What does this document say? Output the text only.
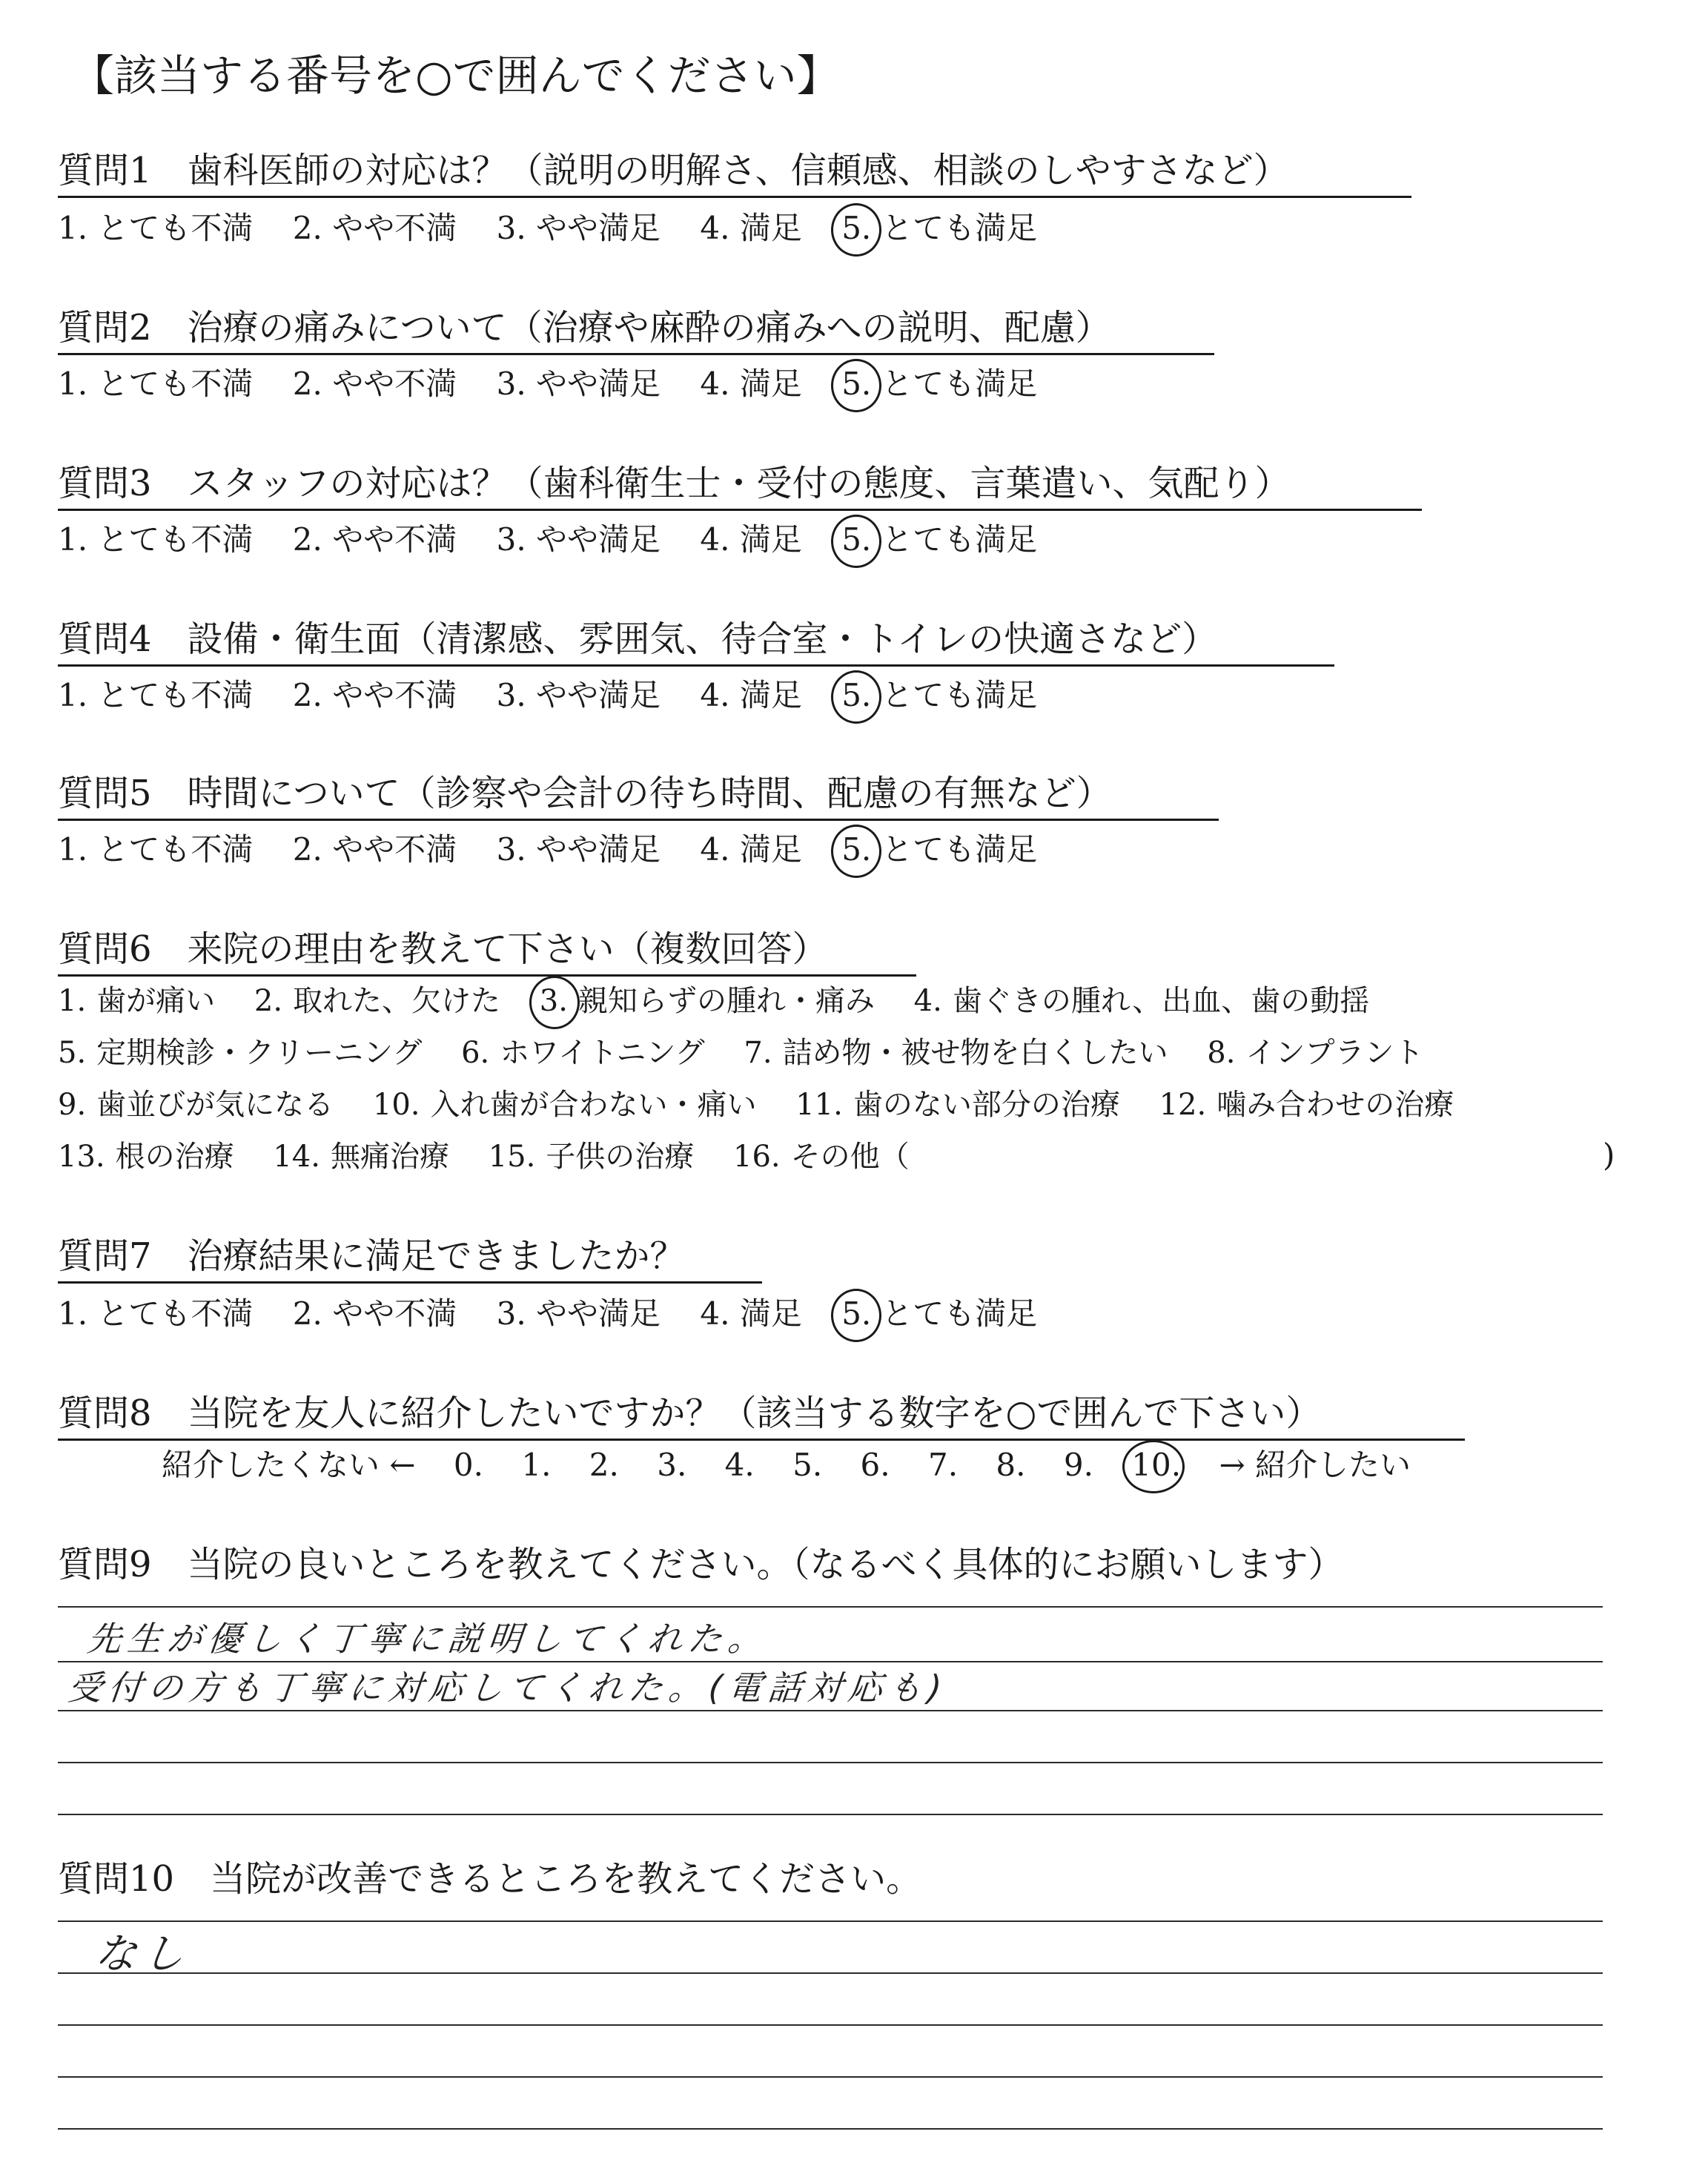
【該当する番号を○で囲んでください】
質問1　歯科医師の対応は？（説明の明解さ、信頼感、相談のしやすさなど）
1. とても不満 2. やや不満 3. やや満足 4. 満足 5. とても満足
質問2　治療の痛みについて（治療や麻酔の痛みへの説明、配慮）
1. とても不満 2. やや不満 3. やや満足 4. 満足 5. とても満足
質問3　スタッフの対応は？（歯科衛生士・受付の態度、言葉遣い、気配り）
1. とても不満 2. やや不満 3. やや満足 4. 満足 5. とても満足
質問4　設備・衛生面（清潔感、雰囲気、待合室・トイレの快適さなど）
1. とても不満 2. やや不満 3. やや満足 4. 満足 5. とても満足
質問5　時間について（診察や会計の待ち時間、配慮の有無など）
1. とても不満 2. やや不満 3. やや満足 4. 満足 5. とても満足
質問6　来院の理由を教えて下さい（複数回答）
1. 歯が痛い 2. 取れた、欠けた 3. 親知らずの腫れ・痛み 4. 歯ぐきの腫れ、出血、歯の動揺
5. 定期検診・クリーニング 6. ホワイトニング 7. 詰め物・被せ物を白くしたい 8. インプラント
9. 歯並びが気になる 10. 入れ歯が合わない・痛い 11. 歯のない部分の治療 12. 噛み合わせの治療
13. 根の治療 14. 無痛治療 15. 子供の治療 16. その他（	)
質問7　治療結果に満足できましたか？
1. とても不満 2. やや不満 3. やや満足 4. 満足 5. とても満足
質問8　当院を友人に紹介したいですか？（該当する数字を○で囲んで下さい）
紹介したくない ← 0. 1. 2. 3. 4. 5. 6. 7. 8. 9. 10. → 紹介したい
質問9　当院の良いところを教えてください。（なるべく具体的にお願いします）
先生が優しく丁寧に説明してくれた。
受付の方も丁寧に対応してくれた。(電話対応も)
質問10　当院が改善できるところを教えてください。
なし
